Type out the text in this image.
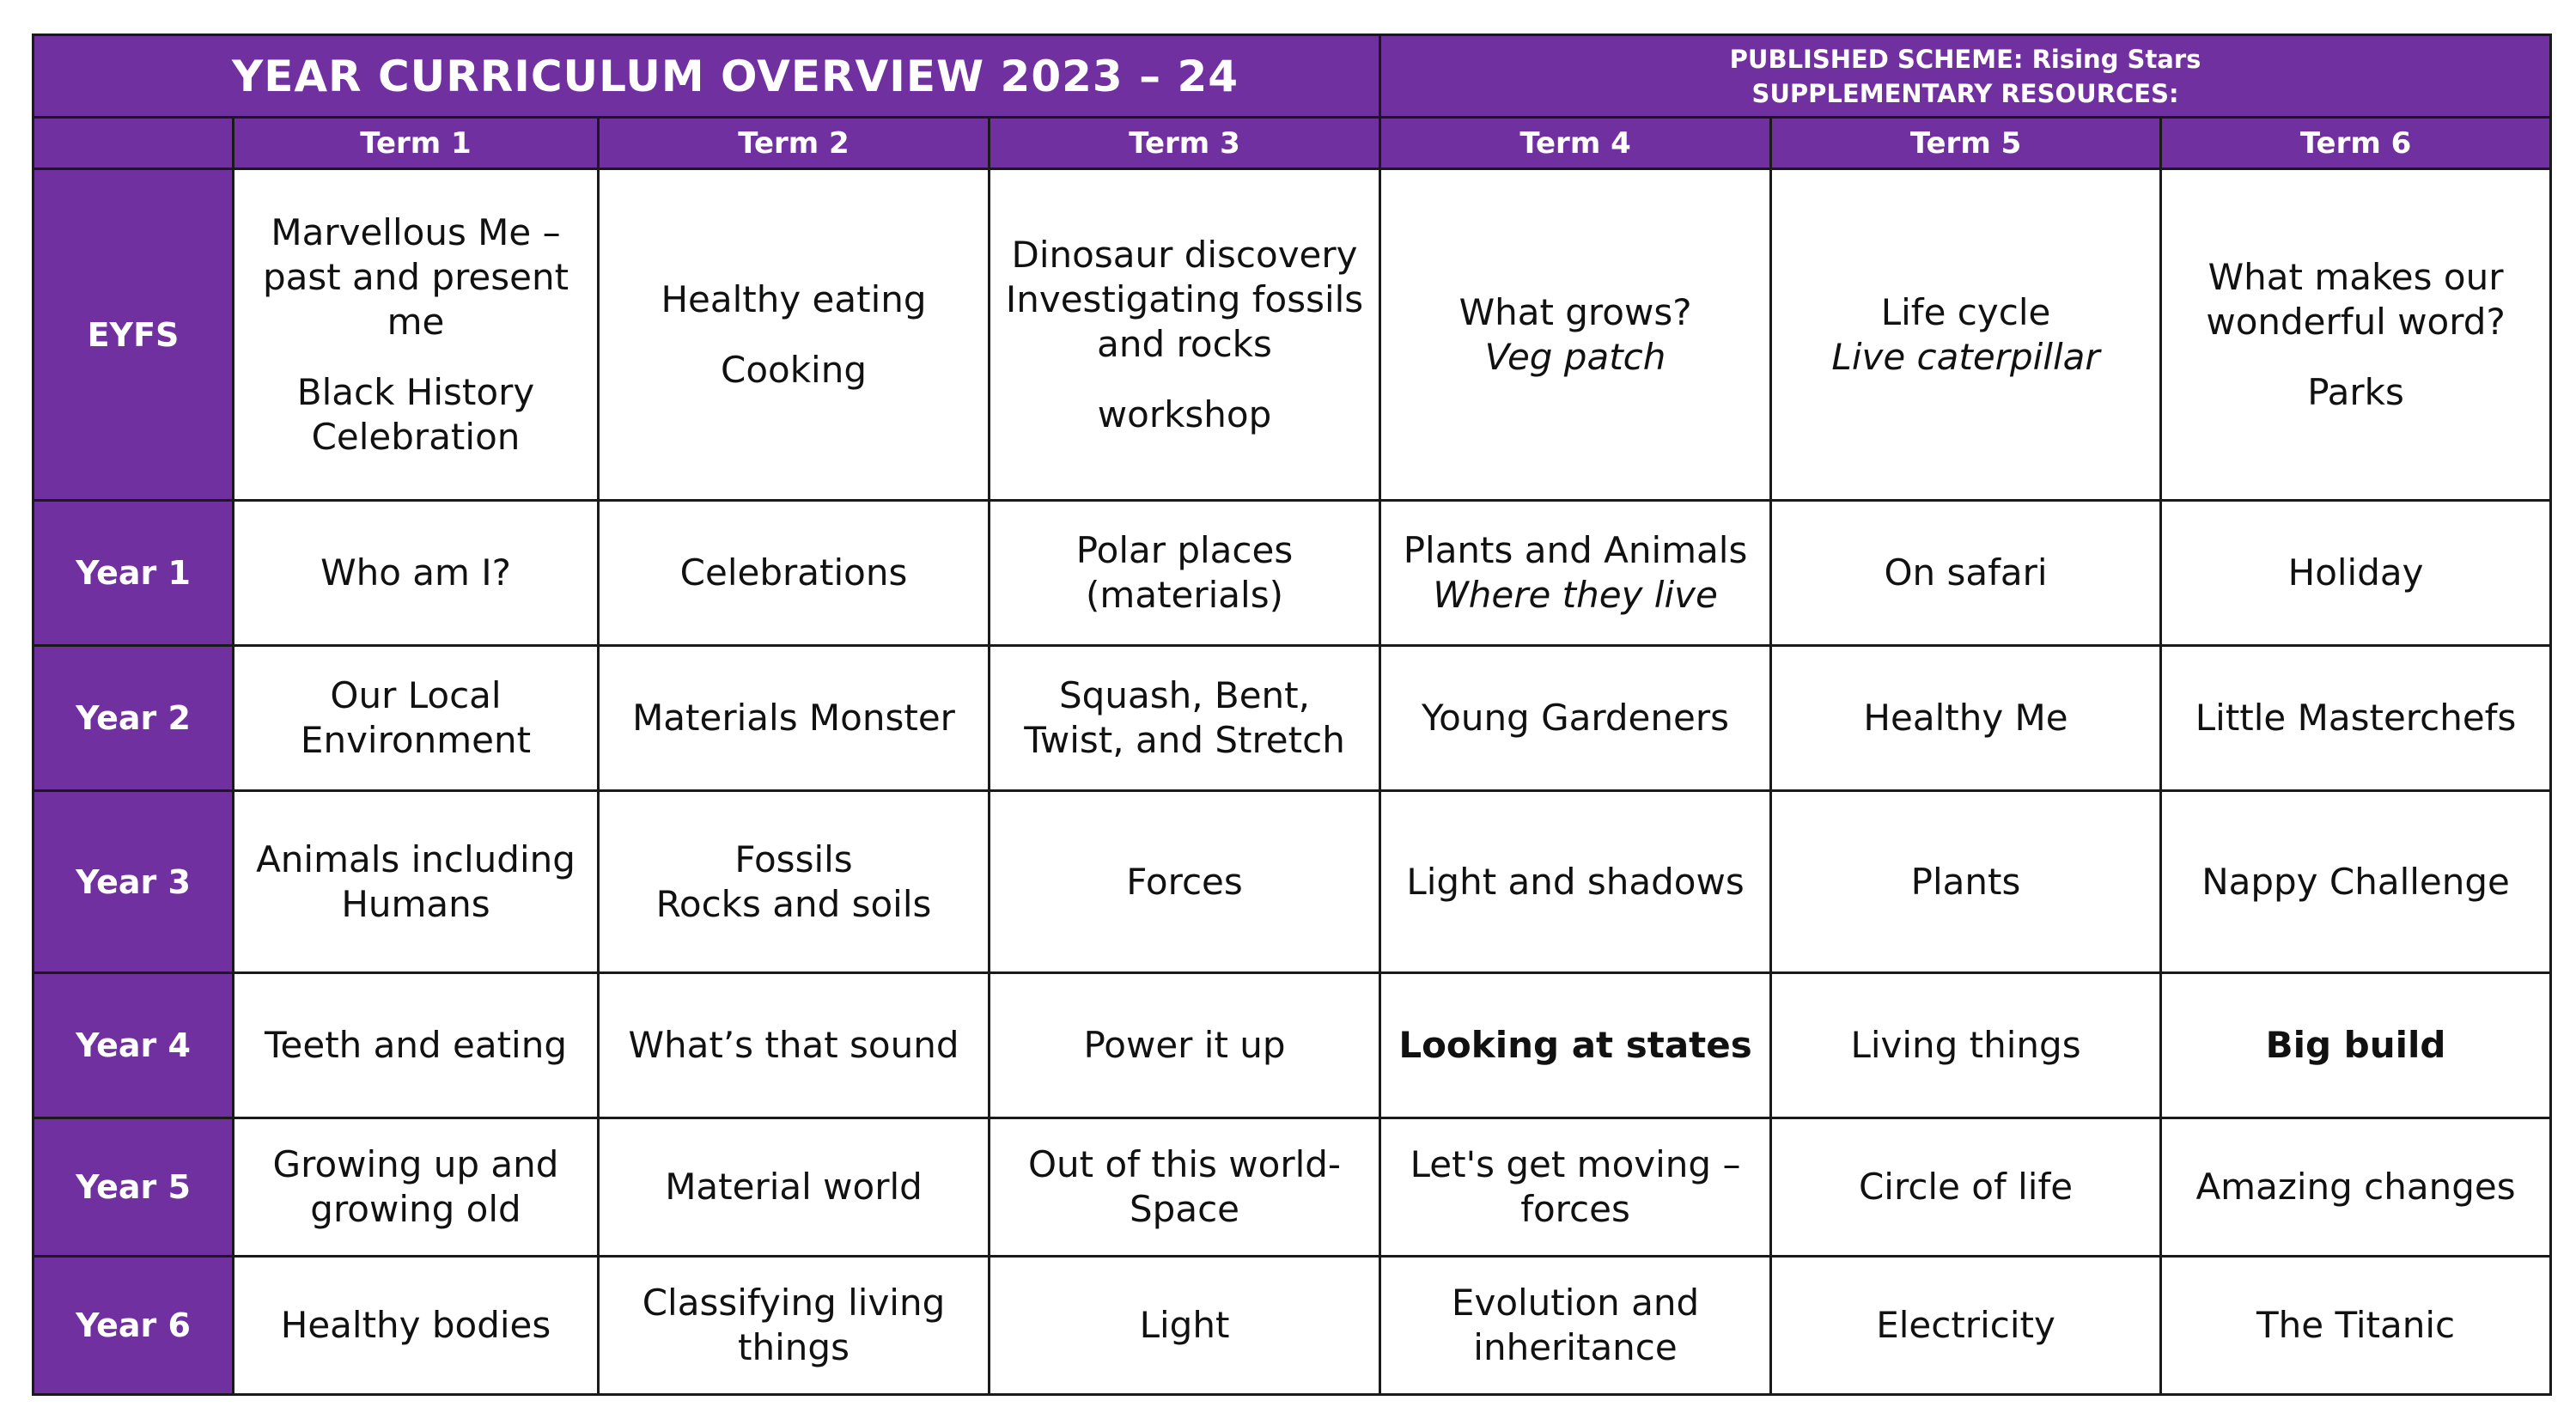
YEAR CURRICULUM OVERVIEW 2023 – 24				PUBLISHED SCHEME: Rising Stars
SUPPLEMENTARY RESOURCES:		

	Term 1	Term 2	Term 3	Term 4	Term 5	Term 6
EYFS	Marvellous Me –
past and present
me
Black History
Celebration	Healthy eating
Cooking	Dinosaur discovery
Investigating fossils
and rocks
workshop	What grows?
Veg patch	Life cycle
Live caterpillar	What makes our
wonderful word?
Parks

Year 1	Who am I?	Celebrations	Polar places
(materials)	Plants and Animals
Where they live	On safari	Holiday

Year 2	Our Local
Environment	Materials Monster	Squash, Bent,
Twist, and Stretch	Young Gardeners	Healthy Me	Little Masterchefs

Year 3	Animals including
Humans	Fossils
Rocks and soils	Forces	Light and shadows	Plants	Nappy Challenge

Year 4	Teeth and eating	What’s that sound	Power it up	Looking at states	Living things	Big build

Year 5	Growing up and
growing old	Material world	Out of this world-
Space	Let's get moving –
forces	Circle of life	Amazing changes

Year 6	Healthy bodies	Classifying living
things	Light	Evolution and
inheritance	Electricity	The Titanic
